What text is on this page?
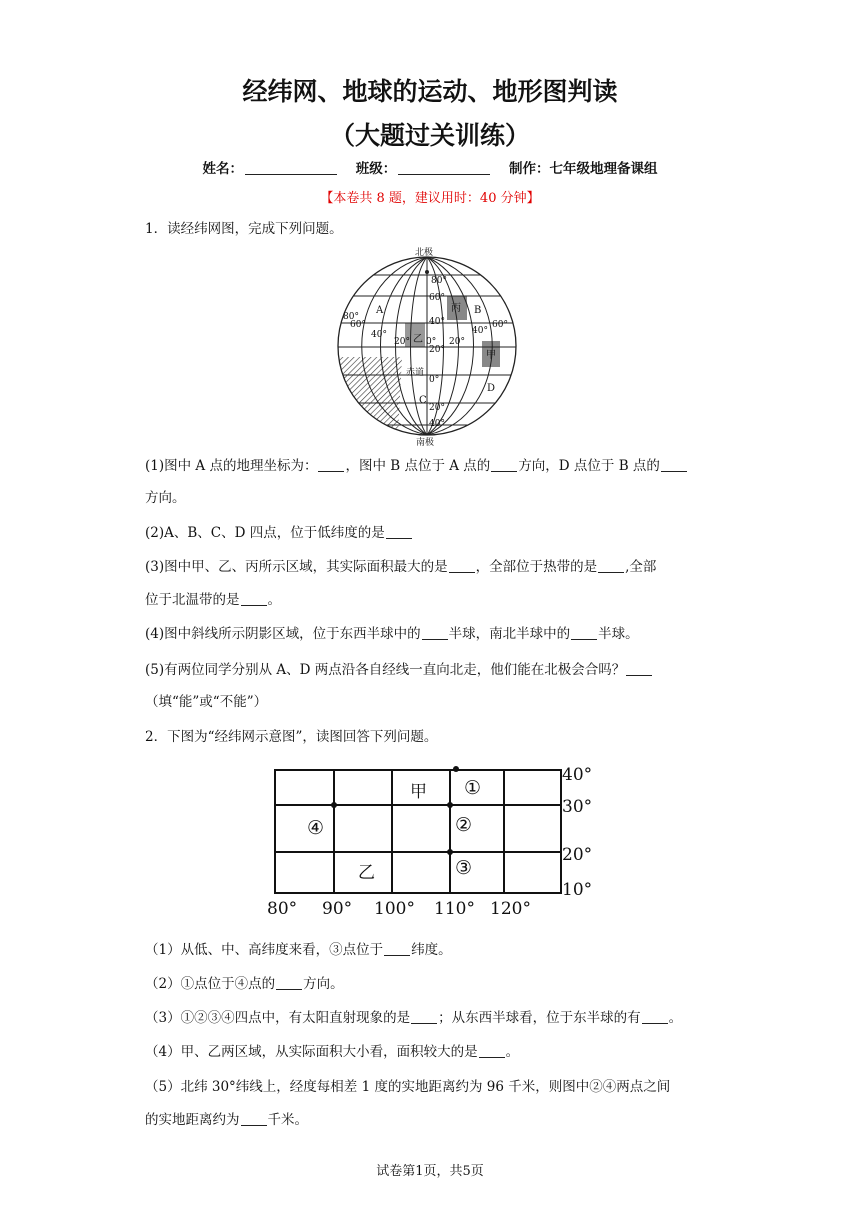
经纬网、地球的运动、地形图判读
（大题过关训练）
姓名：	班级：	制作：七年级地理备课组
【本卷共 8 题，建议用时：40 分钟】
1．读经纬网图，完成下列问题。
北极
南极
赤道
80°
60°
40°
20°
0°
20°
40°
80°
60°
40°
20° 0° 20°
40°
60°
A	B
C
D
丙
乙
甲
(1)图中 A 点的地理坐标为： ，图中 B 点位于 A 点的 方向，D 点位于 B 点的
方向。
(2)A、B、C、D 四点，位于低纬度的是
(3)图中甲、乙、丙所示区域，其实际面积最大的是 ，全部位于热带的是 ,全部
位于北温带的是 。
(4)图中斜线所示阴影区域，位于东西半球中的 半球，南北半球中的 半球。
(5)有两位同学分别从 A、D 两点沿各自经线一直向北走，他们能在北极会合吗？
（填“能”或“不能”）
2．下图为“经纬网示意图”，读图回答下列问题。
40°
30°
20°
10°
80° 90° 100° 110° 120°
甲
乙
①
②
③
④
（1）从低、中、高纬度来看，③点位于 纬度。
（2）①点位于④点的 方向。
（3）①②③④四点中，有太阳直射现象的是 ；从东西半球看，位于东半球的有 。
（4）甲、乙两区域，从实际面积大小看，面积较大的是 。
（5）北纬 30°纬线上，经度每相差 1 度的实地距离约为 96 千米，则图中②④两点之间
的实地距离约为 千米。
试卷第1页，共5页
